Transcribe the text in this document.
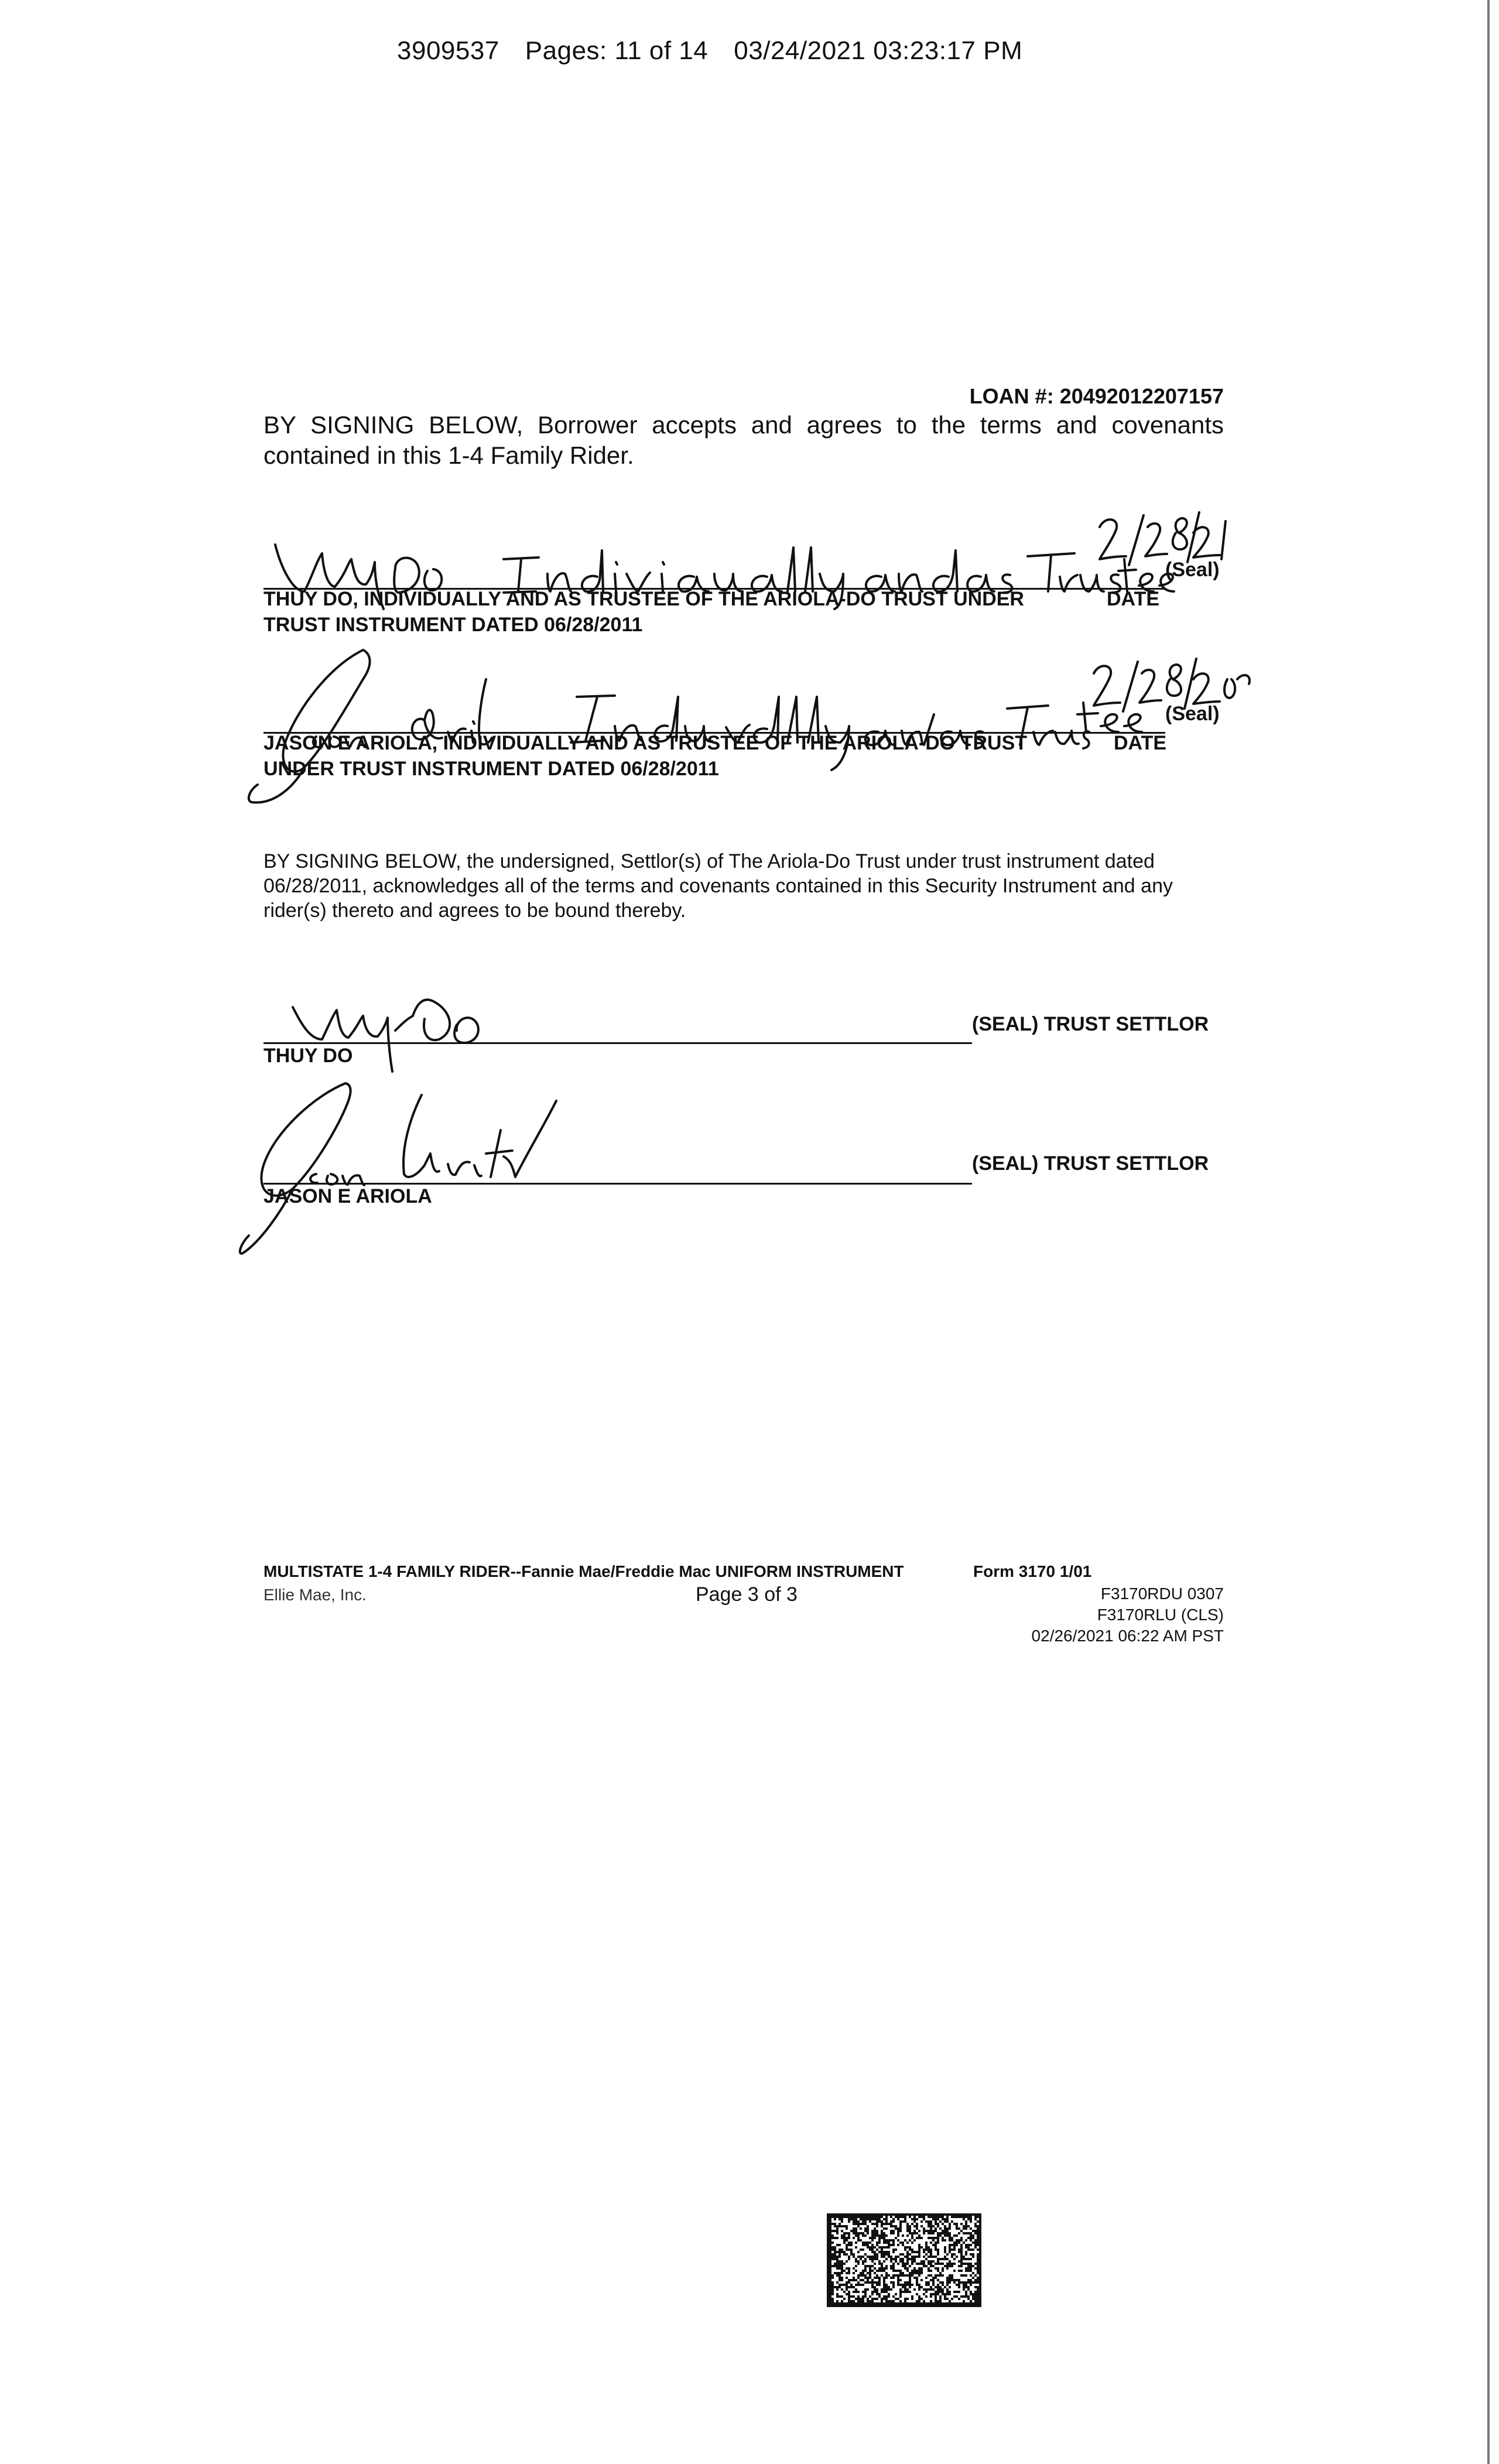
3909537 Pages: 11 of 14 03/24/2021 03:23:17 PM
LOAN #: 20492012207157
BY SIGNING BELOW, Borrower accepts and agrees to the terms and covenants
contained in this 1-4 Family Rider.
(Seal)
THUY DO, INDIVIDUALLY AND AS TRUSTEE OF THE ARIOLA-DO TRUST UNDER	DATE
TRUST INSTRUMENT DATED 06/28/2011
(Seal)
JASON E ARIOLA, INDIVIDUALLY AND AS TRUSTEE OF THE ARIOLA-DO TRUST	DATE
UNDER TRUST INSTRUMENT DATED 06/28/2011
BY SIGNING BELOW, the undersigned, Settlor(s) of The Ariola-Do Trust under trust instrument dated 06/28/2011, acknowledges all of the terms and covenants contained in this Security Instrument and any rider(s) thereto and agrees to be bound thereby.
THUY DO
(SEAL) TRUST SETTLOR
JASON E ARIOLA
(SEAL) TRUST SETTLOR
MULTISTATE 1-4 FAMILY RIDER--Fannie Mae/Freddie Mac UNIFORM INSTRUMENT
Ellie Mae, Inc.	Page 3 of 3
Form 3170 1/01
F3170RDU 0307
F3170RLU (CLS)
02/26/2021 06:22 AM PST
